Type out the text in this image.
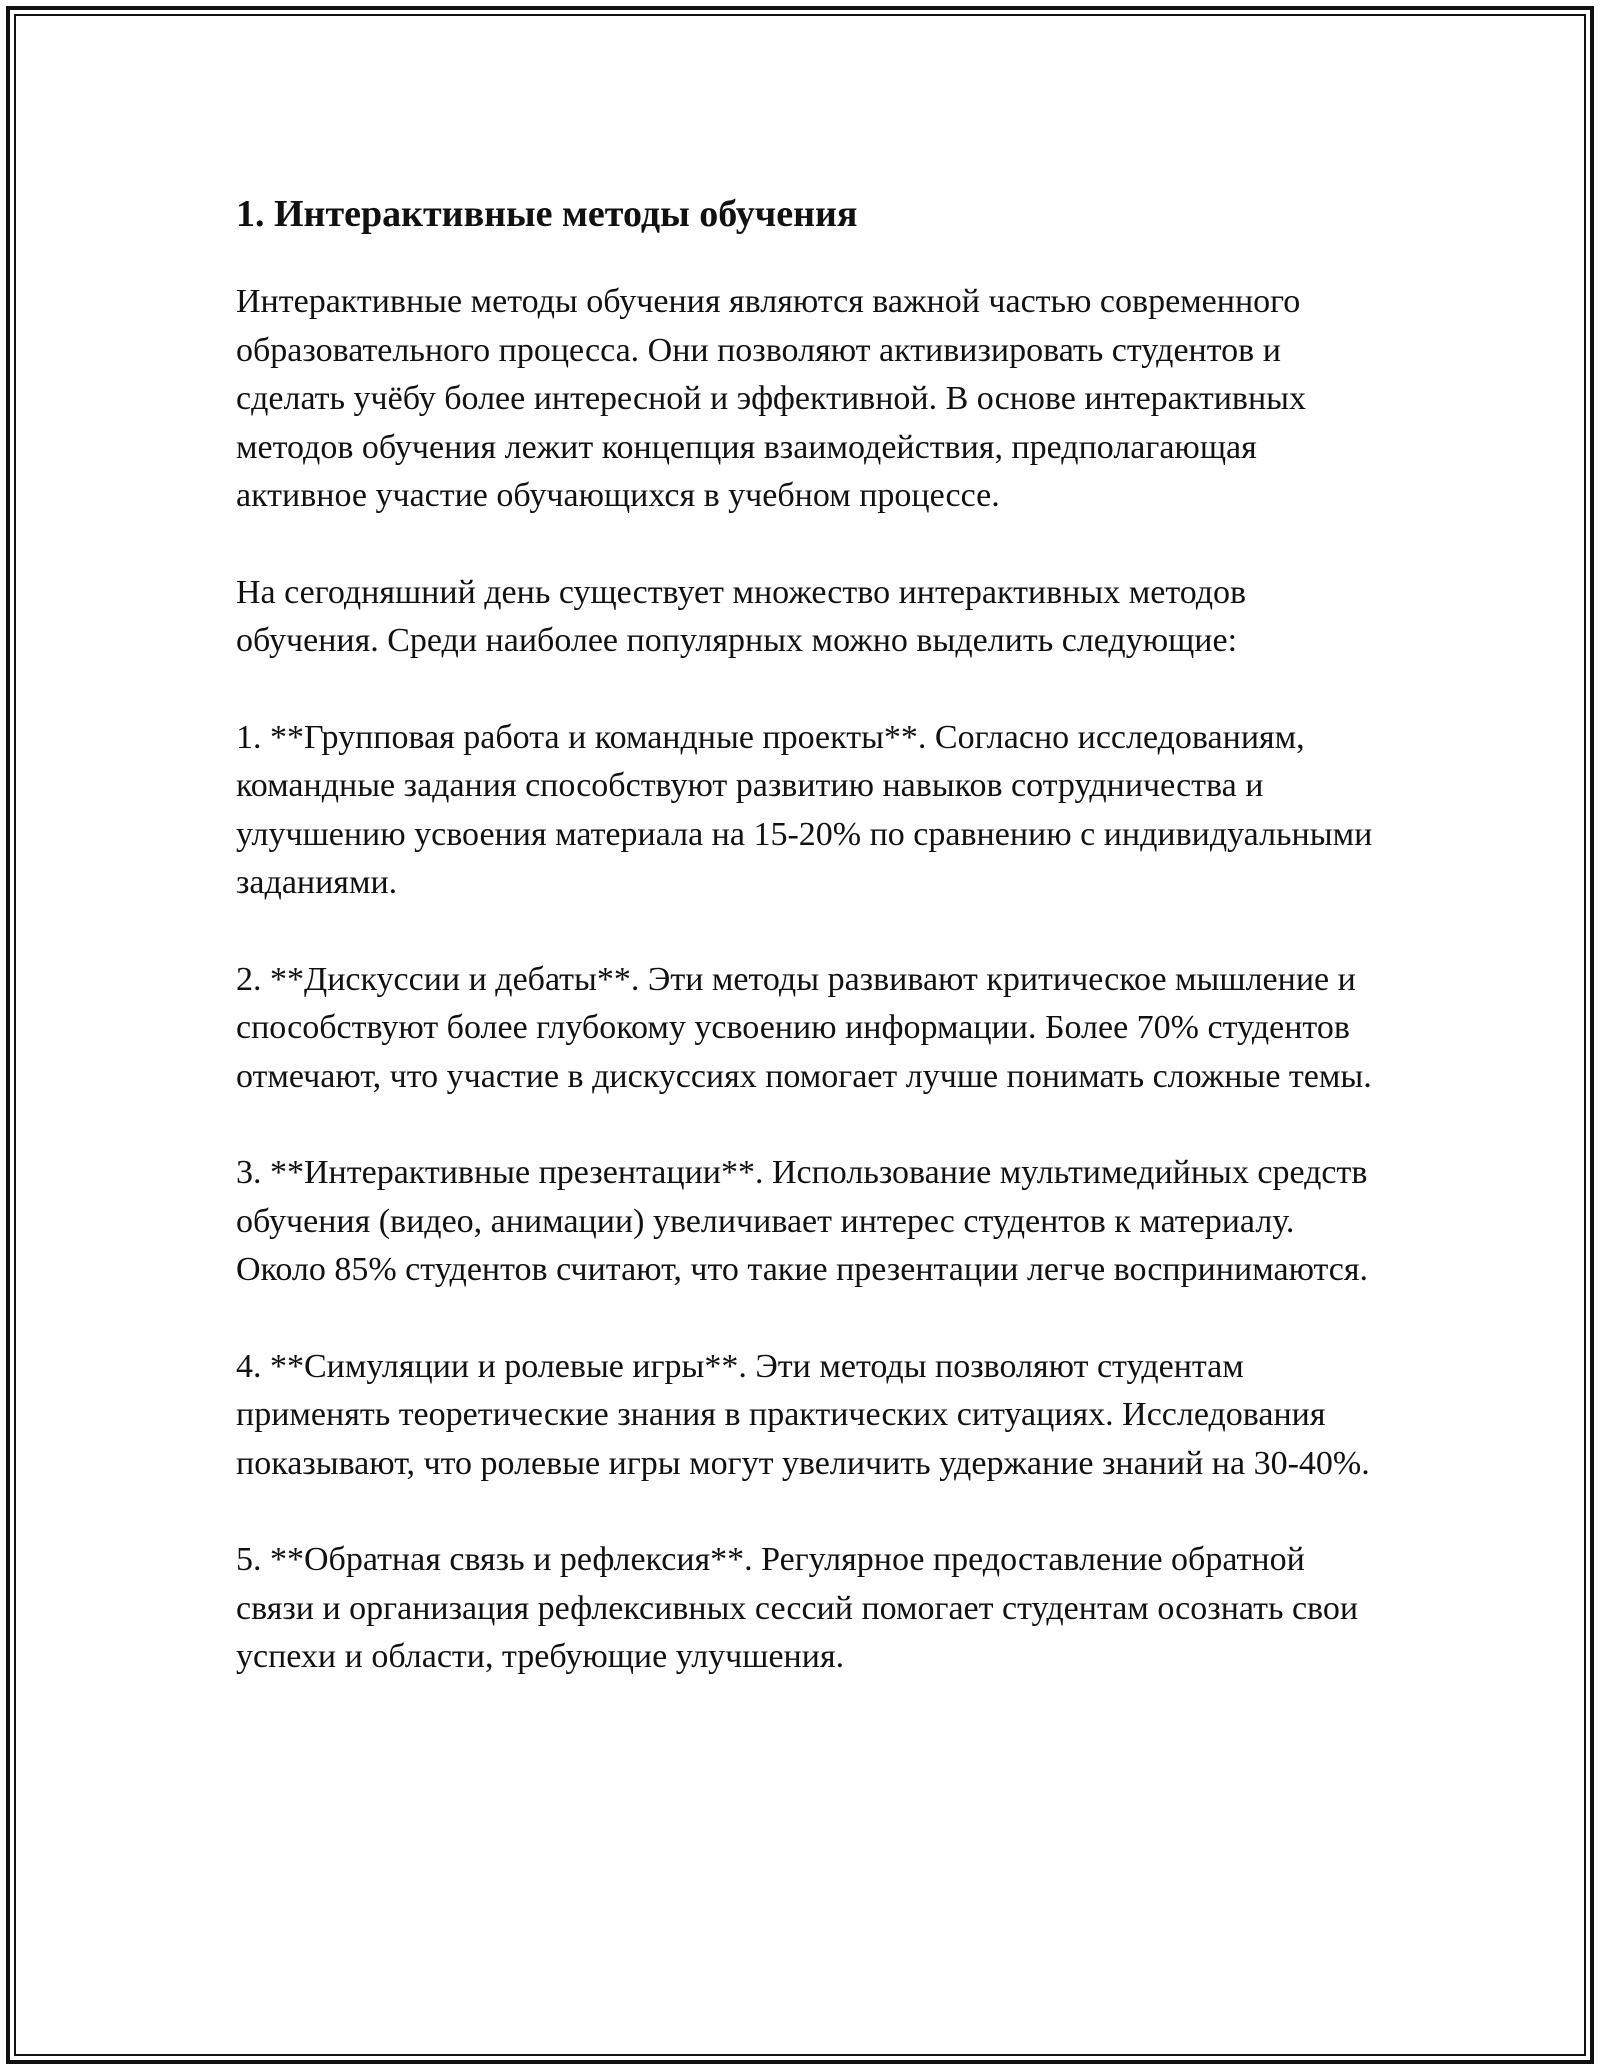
1. Интерактивные методы обучения

Интерактивные методы обучения являются важной частью современного образовательного процесса. Они позволяют активизировать студентов и сделать учёбу более интересной и эффективной. В основе интерактивных методов обучения лежит концепция взаимодействия, предполагающая активное участие обучающихся в учебном процессе.

На сегодняшний день существует множество интерактивных методов обучения. Среди наиболее популярных можно выделить следующие:

1. **Групповая работа и командные проекты**. Согласно исследованиям, командные задания способствуют развитию навыков сотрудничества и улучшению усвоения материала на 15-20% по сравнению с индивидуальными заданиями.

2. **Дискуссии и дебаты**. Эти методы развивают критическое мышление и способствуют более глубокому усвоению информации. Более 70% студентов отмечают, что участие в дискуссиях помогает лучше понимать сложные темы.

3. **Интерактивные презентации**. Использование мультимедийных средств обучения (видео, анимации) увеличивает интерес студентов к материалу. Около 85% студентов считают, что такие презентации легче воспринимаются.

4. **Симуляции и ролевые игры**. Эти методы позволяют студентам применять теоретические знания в практических ситуациях. Исследования показывают, что ролевые игры могут увеличить удержание знаний на 30-40%.

5. **Обратная связь и рефлексия**. Регулярное предоставление обратной связи и организация рефлексивных сессий помогает студентам осознать свои успехи и области, требующие улучшения.
